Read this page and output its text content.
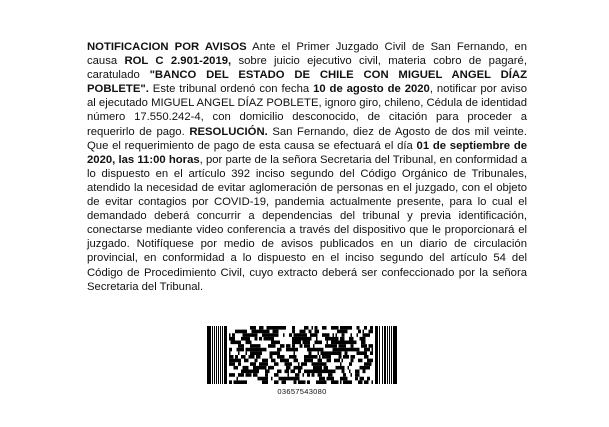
NOTIFICACION POR AVISOS Ante el Primer Juzgado Civil de San Fernando, en causa ROL C 2.901-2019, sobre juicio ejecutivo civil, materia cobro de pagaré, caratulado "BANCO DEL ESTADO DE CHILE CON MIGUEL ANGEL DÍAZ POBLETE". Este tribunal ordenó con fecha 10 de agosto de 2020, notificar por aviso al ejecutado MIGUEL ANGEL DÍAZ POBLETE, ignoro giro, chileno, Cédula de identidad número 17.550.242-4, con domicilio desconocido, de citación para proceder a requerirlo de pago. RESOLUCIÓN. San Fernando, diez de Agosto de dos mil veinte. Que el requerimiento de pago de esta causa se efectuará el día 01 de septiembre de 2020, las 11:00 horas, por parte de la señora Secretaria del Tribunal, en conformidad a lo dispuesto en el artículo 392 inciso segundo del Código Orgánico de Tribunales, atendido la necesidad de evitar aglomeración de personas en el juzgado, con el objeto de evitar contagios por COVID-19, pandemia actualmente presente, para lo cual el demandado deberá concurrir a dependencias del tribunal y previa identificación, conectarse mediante video conferencia a través del dispositivo que le proporcionará el juzgado. Notifíquese por medio de avisos publicados en un diario de circulación provincial, en conformidad a lo dispuesto en el inciso segundo del artículo 54 del Código de Procedimiento Civil, cuyo extracto deberá ser confeccionado por la señora Secretaria del Tribunal.

03657543080
